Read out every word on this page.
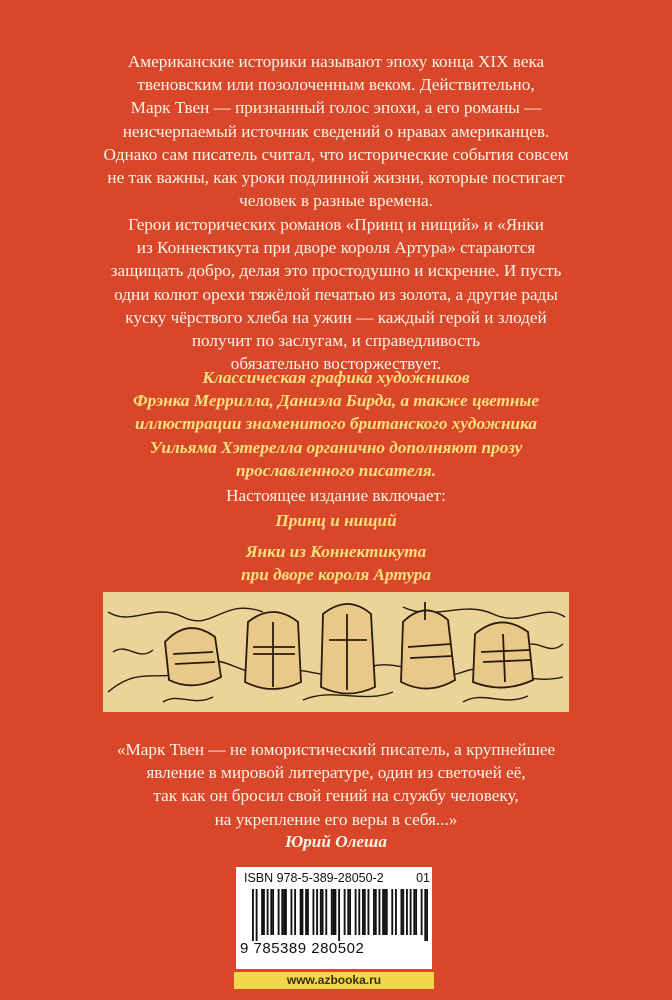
Американские историки называют эпоху конца XIX века
твеновским или позолоченным веком. Действительно,
Марк Твен — признанный голос эпохи, а его романы —
неисчерпаемый источник сведений о нравах американцев.
Однако сам писатель считал, что исторические события совсем
не так важны, как уроки подлинной жизни, которые постигает
человек в разные времена.
Герои исторических романов «Принц и нищий» и «Янки
из Коннектикута при дворе короля Артура» стараются
защищать добро, делая это простодушно и искренне. И пусть
одни колют орехи тяжёлой печатью из золота, а другие рады
куску чёрствого хлеба на ужин — каждый герой и злодей
получит по заслугам, и справедливость
обязательно восторжествует.
Классическая графика художников
Фрэнка Меррилла, Даниэла Бирда, а также цветные
иллюстрации знаменитого британского художника
Уильяма Хэтерелла органично дополняют прозу
прославленного писателя.
Настоящее издание включает:
Принц и нищий
Янки из Коннектикута
при дворе короля Артура
«Марк Твен — не юмористический писатель, а крупнейшее
явление в мировой литературе, один из светочей её,
так как он бросил свой гений на службу человеку,
на укрепление его веры в себя...»
Юрий Олеша
ISBN 978-5-389-28050-2	01
9 785389 280502
www.azbooka.ru
